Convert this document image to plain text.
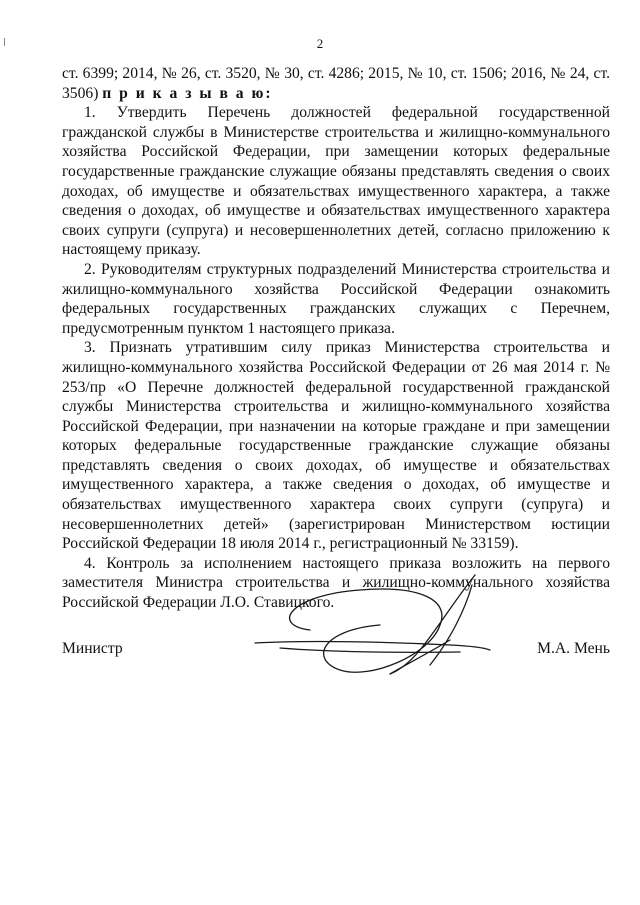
2

ст. 6399; 2014, № 26, ст. 3520, № 30, ст. 4286; 2015, № 10, ст. 1506; 2016, № 24, ст. 3506) п р и к а з ы в а ю:

1. Утвердить Перечень должностей федеральной государственной гражданской службы в Министерстве строительства и жилищно-коммунального хозяйства Российской Федерации, при замещении которых федеральные государственные гражданские служащие обязаны представлять сведения о своих доходах, об имуществе и обязательствах имущественного характера, а также сведения о доходах, об имуществе и обязательствах имущественного характера своих супруги (супруга) и несовершеннолетних детей, согласно приложению к настоящему приказу.

2. Руководителям структурных подразделений Министерства строительства и жилищно-коммунального хозяйства Российской Федерации ознакомить федеральных государственных гражданских служащих с Перечнем, предусмотренным пунктом 1 настоящего приказа.

3. Признать утратившим силу приказ Министерства строительства и жилищно-коммунального хозяйства Российской Федерации от 26 мая 2014 г. № 253/пр «О Перечне должностей федеральной государственной гражданской службы Министерства строительства и жилищно-коммунального хозяйства Российской Федерации, при назначении на которые граждане и при замещении которых федеральные государственные гражданские служащие обязаны представлять сведения о своих доходах, об имуществе и обязательствах имущественного характера, а также сведения о доходах, об имуществе и обязательствах имущественного характера своих супруги (супруга) и несовершеннолетних детей» (зарегистрирован Министерством юстиции Российской Федерации 18 июля 2014 г., регистрационный № 33159).

4. Контроль за исполнением настоящего приказа возложить на первого заместителя Министра строительства и жилищно-коммунального хозяйства Российской Федерации Л.О. Ставицкого.

Министр	М.А. Мень
